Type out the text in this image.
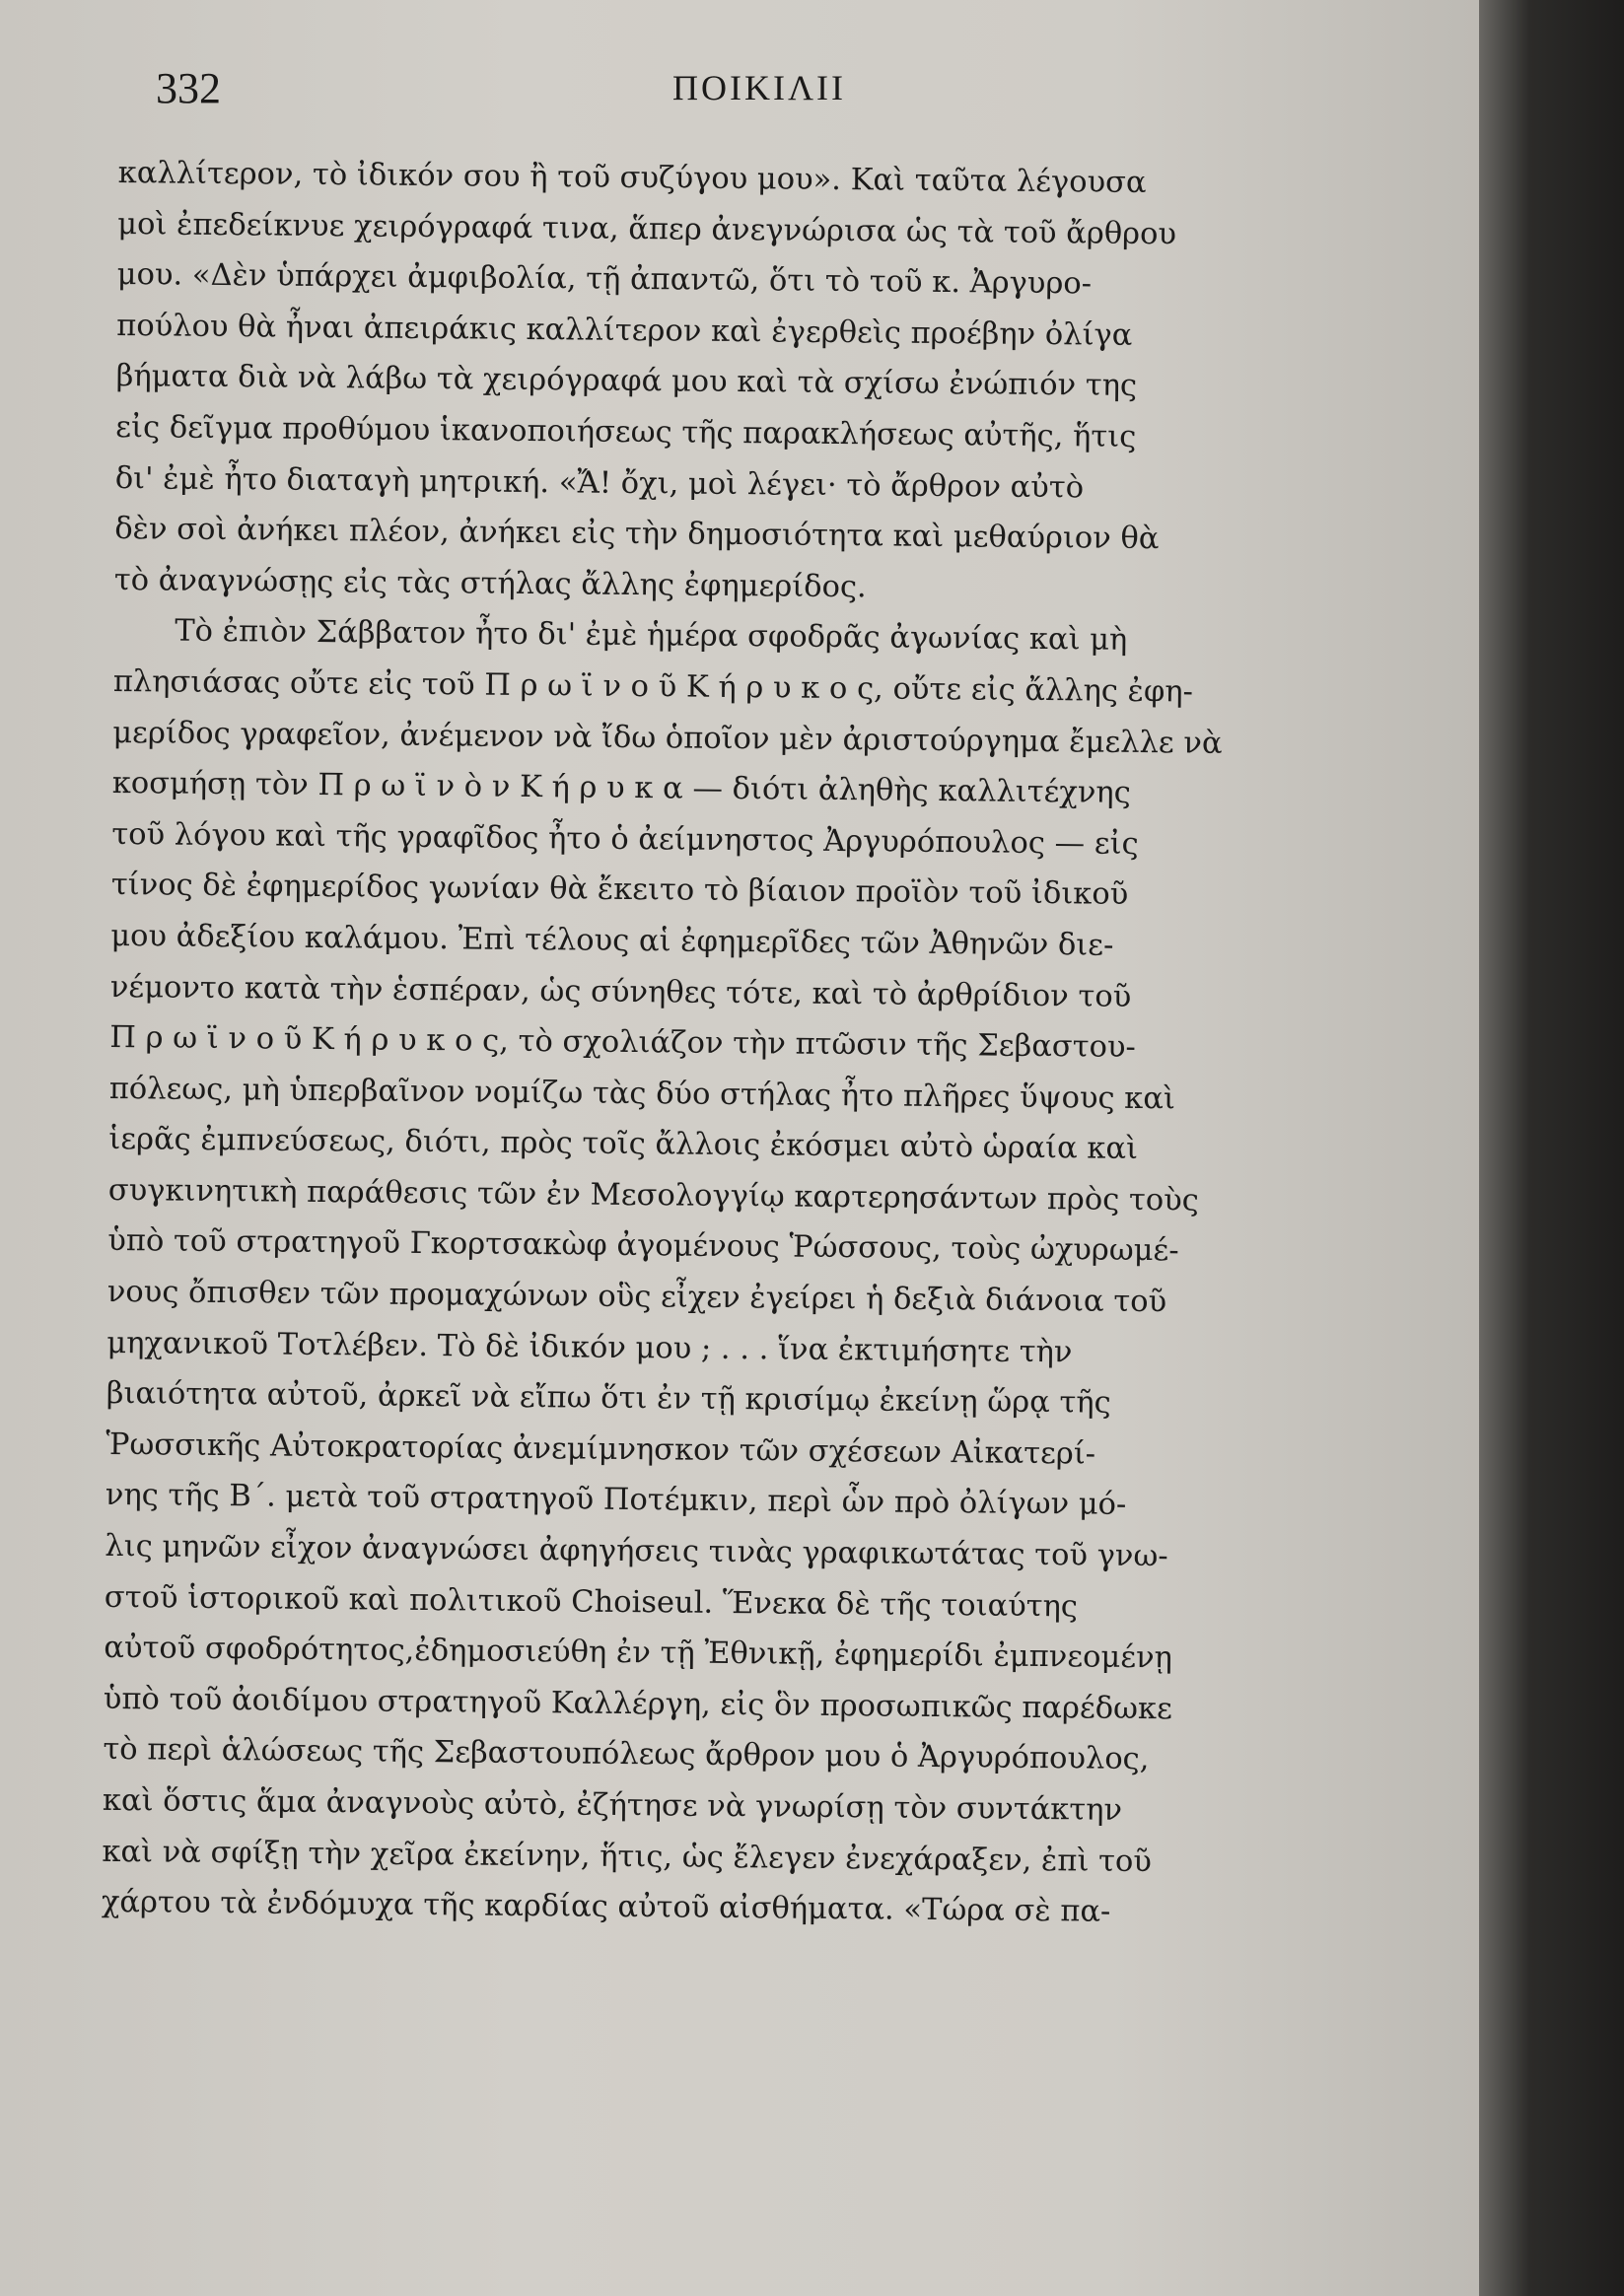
332	ΠΟΙΚΙΛΙΙ
καλλίτερον, τὸ ἰδικόν σου ἢ τοῦ συζύγου μου». Καὶ ταῦτα λέγουσα
μοὶ ἐπεδείκνυε χειρόγραφά τινα, ἅπερ ἀνεγνώρισα ὡς τὰ τοῦ ἄρθρου
μου. «Δὲν ὑπάρχει ἀμφιβολία, τῇ ἀπαντῶ, ὅτι τὸ τοῦ κ. Ἀργυρο-
πούλου θὰ ἦναι ἀπειράκις καλλίτερον καὶ ἐγερθεὶς προέβην ὀλίγα
βήματα διὰ νὰ λάβω τὰ χειρόγραφά μου καὶ τὰ σχίσω ἐνώπιόν της
εἰς δεῖγμα προθύμου ἱκανοποιήσεως τῆς παρακλήσεως αὐτῆς, ἥτις
δι' ἐμὲ ἦτο διαταγὴ μητρική. «Ἄ! ὄχι, μοὶ λέγει· τὸ ἄρθρον αὐτὸ
δὲν σοὶ ἀνήκει πλέον, ἀνήκει εἰς τὴν δημοσιότητα καὶ μεθαύριον θὰ
τὸ ἀναγνώσῃς εἰς τὰς στήλας ἄλλης ἐφημερίδος.
Τὸ ἐπιὸν Σάββατον ἦτο δι' ἐμὲ ἡμέρα σφοδρᾶς ἀγωνίας καὶ μὴ
πλησιάσας οὔτε εἰς τοῦ Π ρ ω ϊ ν ο ῦ Κ ή ρ υ κ ο ς, οὔτε εἰς ἄλλης ἐφη-
μερίδος γραφεῖον, ἀνέμενον νὰ ἴδω ὁποῖον μὲν ἀριστούργημα ἔμελλε νὰ
κοσμήσῃ τὸν Π ρ ω ϊ ν ὸ ν Κ ή ρ υ κ α — διότι ἀληθὴς καλλιτέχνης
τοῦ λόγου καὶ τῆς γραφῖδος ἦτο ὁ ἀείμνηστος Ἀργυρόπουλος — εἰς
τίνος δὲ ἐφημερίδος γωνίαν θὰ ἔκειτο τὸ βίαιον προϊὸν τοῦ ἰδικοῦ
μου ἀδεξίου καλάμου. Ἐπὶ τέλους αἱ ἐφημερῖδες τῶν Ἀθηνῶν διε-
νέμοντο κατὰ τὴν ἑσπέραν, ὡς σύνηθες τότε, καὶ τὸ ἀρθρίδιον τοῦ
Π ρ ω ϊ ν ο ῦ Κ ή ρ υ κ ο ς, τὸ σχολιάζον τὴν πτῶσιν τῆς Σεβαστου-
πόλεως, μὴ ὑπερβαῖνον νομίζω τὰς δύο στήλας ἦτο πλῆρες ὕψους καὶ
ἱερᾶς ἐμπνεύσεως, διότι, πρὸς τοῖς ἄλλοις ἐκόσμει αὐτὸ ὡραία καὶ
συγκινητικὴ παράθεσις τῶν ἐν Μεσολογγίῳ καρτερησάντων πρὸς τοὺς
ὑπὸ τοῦ στρατηγοῦ Γκορτσακὼφ ἀγομένους Ῥώσσους, τοὺς ὠχυρωμέ-
νους ὄπισθεν τῶν προμαχώνων οὓς εἶχεν ἐγείρει ἡ δεξιὰ διάνοια τοῦ
μηχανικοῦ Τοτλέβεν. Τὸ δὲ ἰδικόν μου ; . . . ἵνα ἐκτιμήσητε τὴν
βιαιότητα αὐτοῦ, ἀρκεῖ νὰ εἴπω ὅτι ἐν τῇ κρισίμῳ ἐκείνῃ ὥρᾳ τῆς
Ῥωσσικῆς Αὐτοκρατορίας ἀνεμίμνησκον τῶν σχέσεων Αἰκατερί-
νης τῆς Β΄. μετὰ τοῦ στρατηγοῦ Ποτέμκιν, περὶ ὧν πρὸ ὀλίγων μό-
λις μηνῶν εἶχον ἀναγνώσει ἀφηγήσεις τινὰς γραφικωτάτας τοῦ γνω-
στοῦ ἱστορικοῦ καὶ πολιτικοῦ Choiseul. Ἕνεκα δὲ τῆς τοιαύτης
αὐτοῦ σφοδρότητος,ἐδημοσιεύθη ἐν τῇ Ἐθνικῇ, ἐφημερίδι ἐμπνεομένῃ
ὑπὸ τοῦ ἀοιδίμου στρατηγοῦ Καλλέργη, εἰς ὃν προσωπικῶς παρέδωκε
τὸ περὶ ἁλώσεως τῆς Σεβαστουπόλεως ἄρθρον μου ὁ Ἀργυρόπουλος,
καὶ ὅστις ἅμα ἀναγνοὺς αὐτὸ, ἐζήτησε νὰ γνωρίσῃ τὸν συντάκτην
καὶ νὰ σφίξῃ τὴν χεῖρα ἐκείνην, ἥτις, ὡς ἔλεγεν ἐνεχάραξεν, ἐπὶ τοῦ
χάρτου τὰ ἐνδόμυχα τῆς καρδίας αὐτοῦ αἰσθήματα. «Τώρα σὲ πα-
